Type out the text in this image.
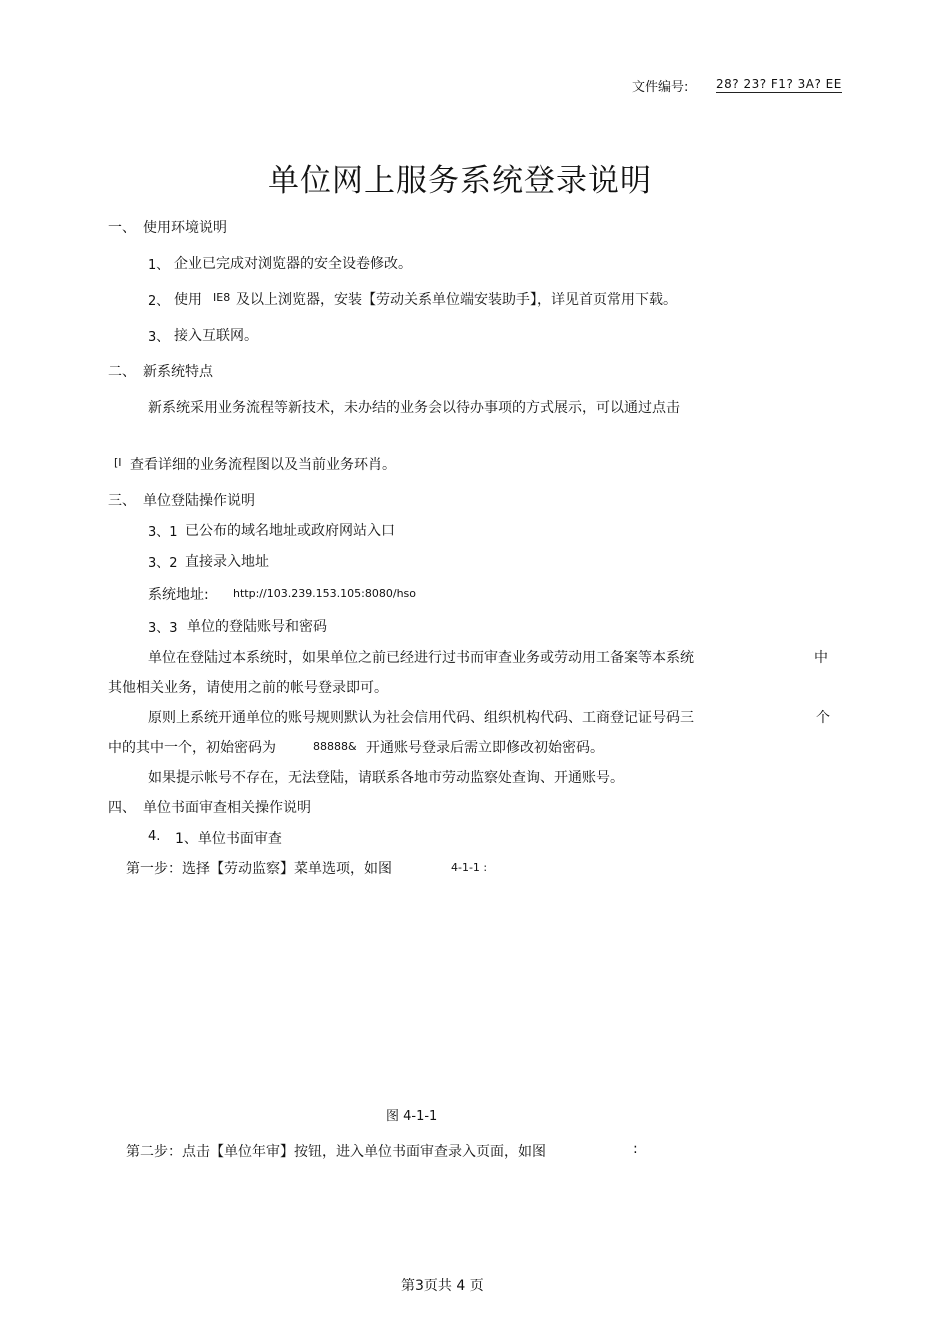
文件编号: 28? 23? F1? 3A? EE
单位网上服务系统登录说明
一、 使用环境说明
1、 企业已完成对浏览器的安全设卷修改。
2、 使用 IE8 及以上浏览器，安装【劳动关系单位端安装助手】，详见首页常用下载。
3、 接入互联网。
二、 新系统特点
新系统采用业务流程等新技术，未办结的业务会以待办事项的方式展示，可以通过点击
[I 查看详细的业务流程图以及当前业务环肖。
三、 单位登陆操作说明
3、1 已公布的域名地址或政府网站入口
3、2 直接录入地址
系统地址: http://103.239.153.105:8080/hso
3、3 单位的登陆账号和密码
单位在登陆过本系统时，如果单位之前已经进行过书而审查业务或劳动用工备案等本系统	中
其他相关业务，请使用之前的帐号登录即可。
原则上系统开通单位的账号规则默认为社会信用代码、组织机构代码、工商登记证号码三	个
中的其中一个，初始密码为	88888& 开通账号登录后需立即修改初始密码。
如果提示帐号不存在，无法登陆，请联系各地市劳动监察处查询、开通账号。
四、 单位书面审查相关操作说明
4. 1、单位书面审查
第一步：选择【劳动监察】菜单选项，如图	4-1-1 :
图 4-1-1
第二步：点击【单位年审】按钮，进入单位书面审查录入页面，如图	:
第3页共 4 页
